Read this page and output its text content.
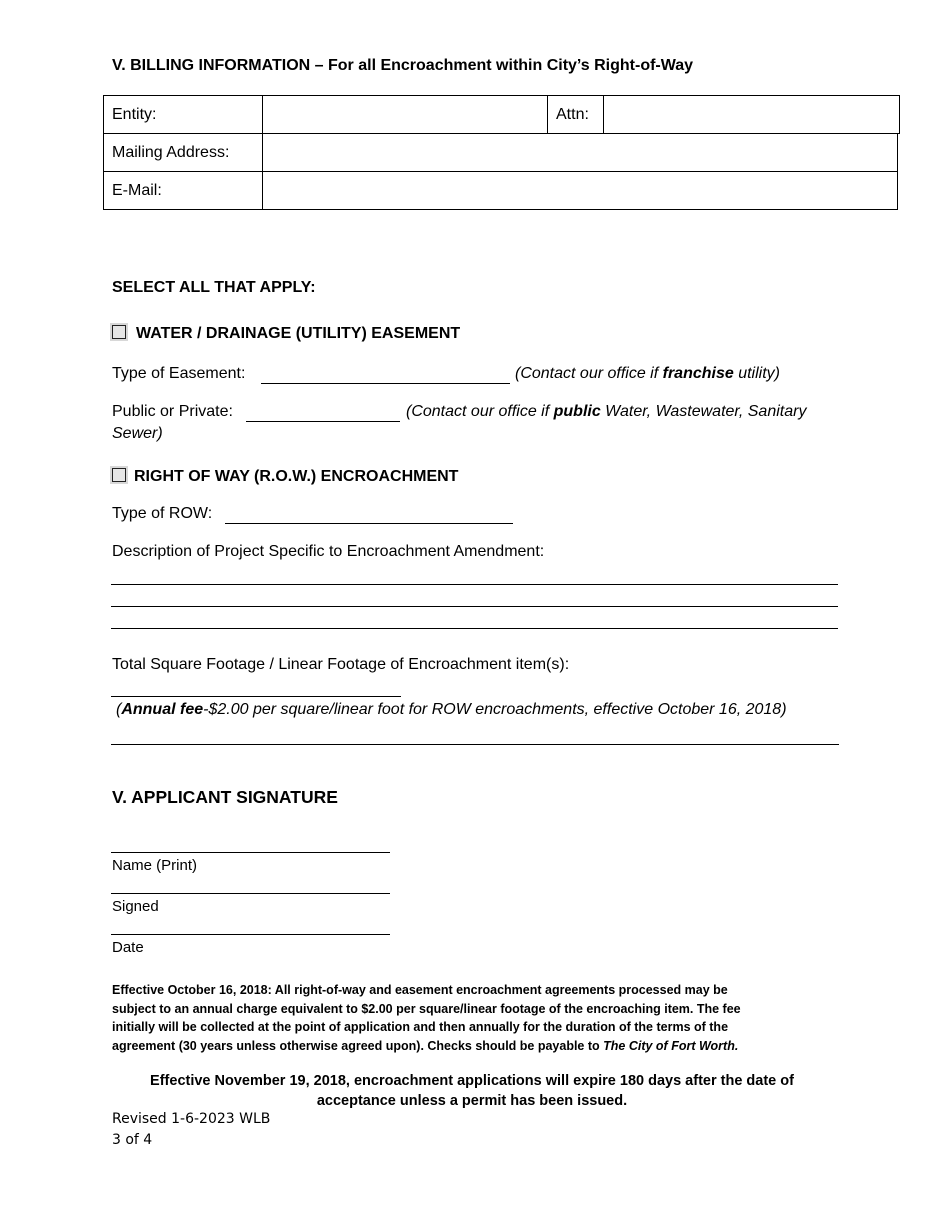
V. BILLING INFORMATION – For all Encroachment within City’s Right-of-Way
Entity:	Attn:
Mailing Address:
E-Mail:
SELECT ALL THAT APPLY:
WATER / DRAINAGE (UTILITY) EASEMENT
Type of Easement:	(Contact our office if franchise utility)
Public or Private:	(Contact our office if public Water, Wastewater, Sanitary
Sewer)
RIGHT OF WAY (R.O.W.) ENCROACHMENT
Type of ROW:
Description of Project Specific to Encroachment Amendment:
Total Square Footage / Linear Footage of Encroachment item(s):
(Annual fee-$2.00 per square/linear foot for ROW encroachments, effective October 16, 2018)
V. APPLICANT SIGNATURE
Name (Print)
Signed
Date
Effective October 16, 2018: All right-of-way and easement encroachment agreements processed may be
subject to an annual charge equivalent to $2.00 per square/linear footage of the encroaching item. The fee
initially will be collected at the point of application and then annually for the duration of the terms of the
agreement (30 years unless otherwise agreed upon). Checks should be payable to The City of Fort Worth.
Effective November 19, 2018, encroachment applications will expire 180 days after the date of
acceptance unless a permit has been issued.
Revised 1-6-2023 WLB
3 of 4
